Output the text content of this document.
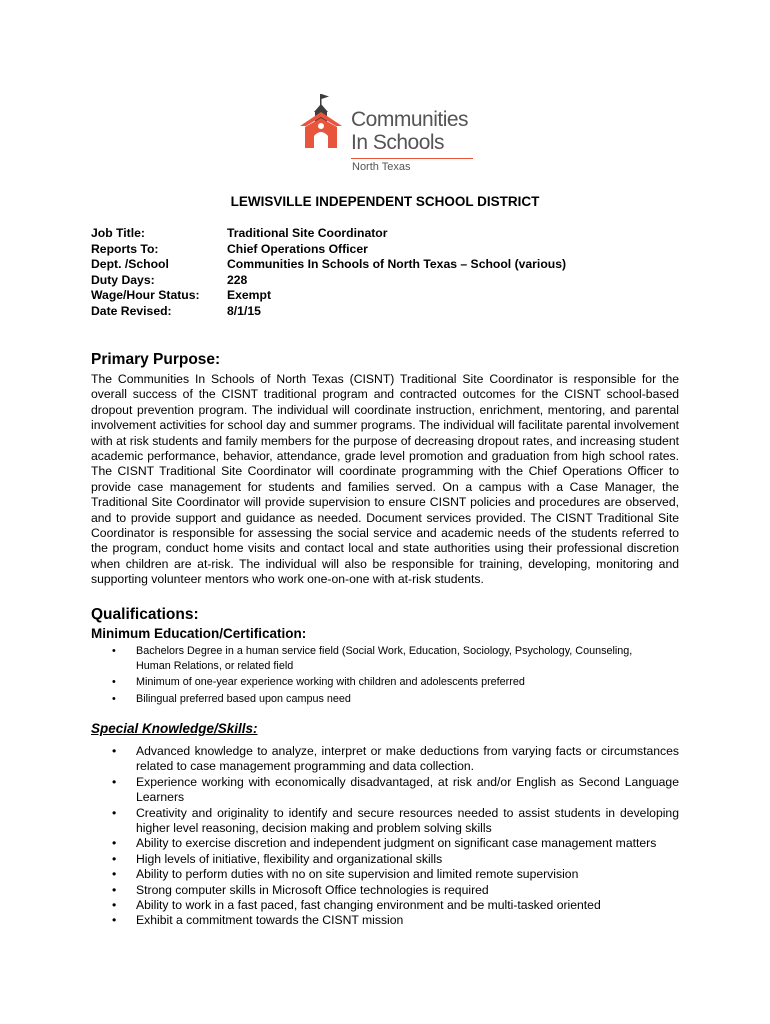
Communities
In Schools
North Texas
LEWISVILLE INDEPENDENT SCHOOL DISTRICT
Job Title:	Traditional Site Coordinator
Reports To:	Chief Operations Officer
Dept. /School	Communities In Schools of North Texas – School (various)
Duty Days:	228
Wage/Hour Status: Exempt
Date Revised:	8/1/15
Primary Purpose:
The Communities In Schools of North Texas (CISNT) Traditional Site Coordinator is responsible for the overall success of the CISNT traditional program and contracted outcomes for the CISNT school-based dropout prevention program. The individual will coordinate instruction, enrichment, mentoring, and parental involvement activities for school day and summer programs. The individual will facilitate parental involvement with at risk students and family members for the purpose of decreasing dropout rates, and increasing student academic performance, behavior, attendance, grade level promotion and graduation from high school rates. The CISNT Traditional Site Coordinator will coordinate programming with the Chief Operations Officer to provide case management for students and families served. On a campus with a Case Manager, the Traditional Site Coordinator will provide supervision to ensure CISNT policies and procedures are observed, and to provide support and guidance as needed. Document services provided. The CISNT Traditional Site Coordinator is responsible for assessing the social service and academic needs of the students referred to the program, conduct home visits and contact local and state authorities using their professional discretion when children are at-risk. The individual will also be responsible for training, developing, monitoring and supporting volunteer mentors who work one-on-one with at-risk students.
Qualifications:
Minimum Education/Certification:
• Bachelors Degree in a human service field (Social Work, Education, Sociology, Psychology, Counseling, Human Relations, or related field
• Minimum of one-year experience working with children and adolescents preferred
• Bilingual preferred based upon campus need
Special Knowledge/Skills:
• Advanced knowledge to analyze, interpret or make deductions from varying facts or circumstances related to case management programming and data collection.
• Experience working with economically disadvantaged, at risk and/or English as Second Language Learners
• Creativity and originality to identify and secure resources needed to assist students in developing higher level reasoning, decision making and problem solving skills
• Ability to exercise discretion and independent judgment on significant case management matters
• High levels of initiative, flexibility and organizational skills
• Ability to perform duties with no on site supervision and limited remote supervision
• Strong computer skills in Microsoft Office technologies is required
• Ability to work in a fast paced, fast changing environment and be multi-tasked oriented
• Exhibit a commitment towards the CISNT mission
